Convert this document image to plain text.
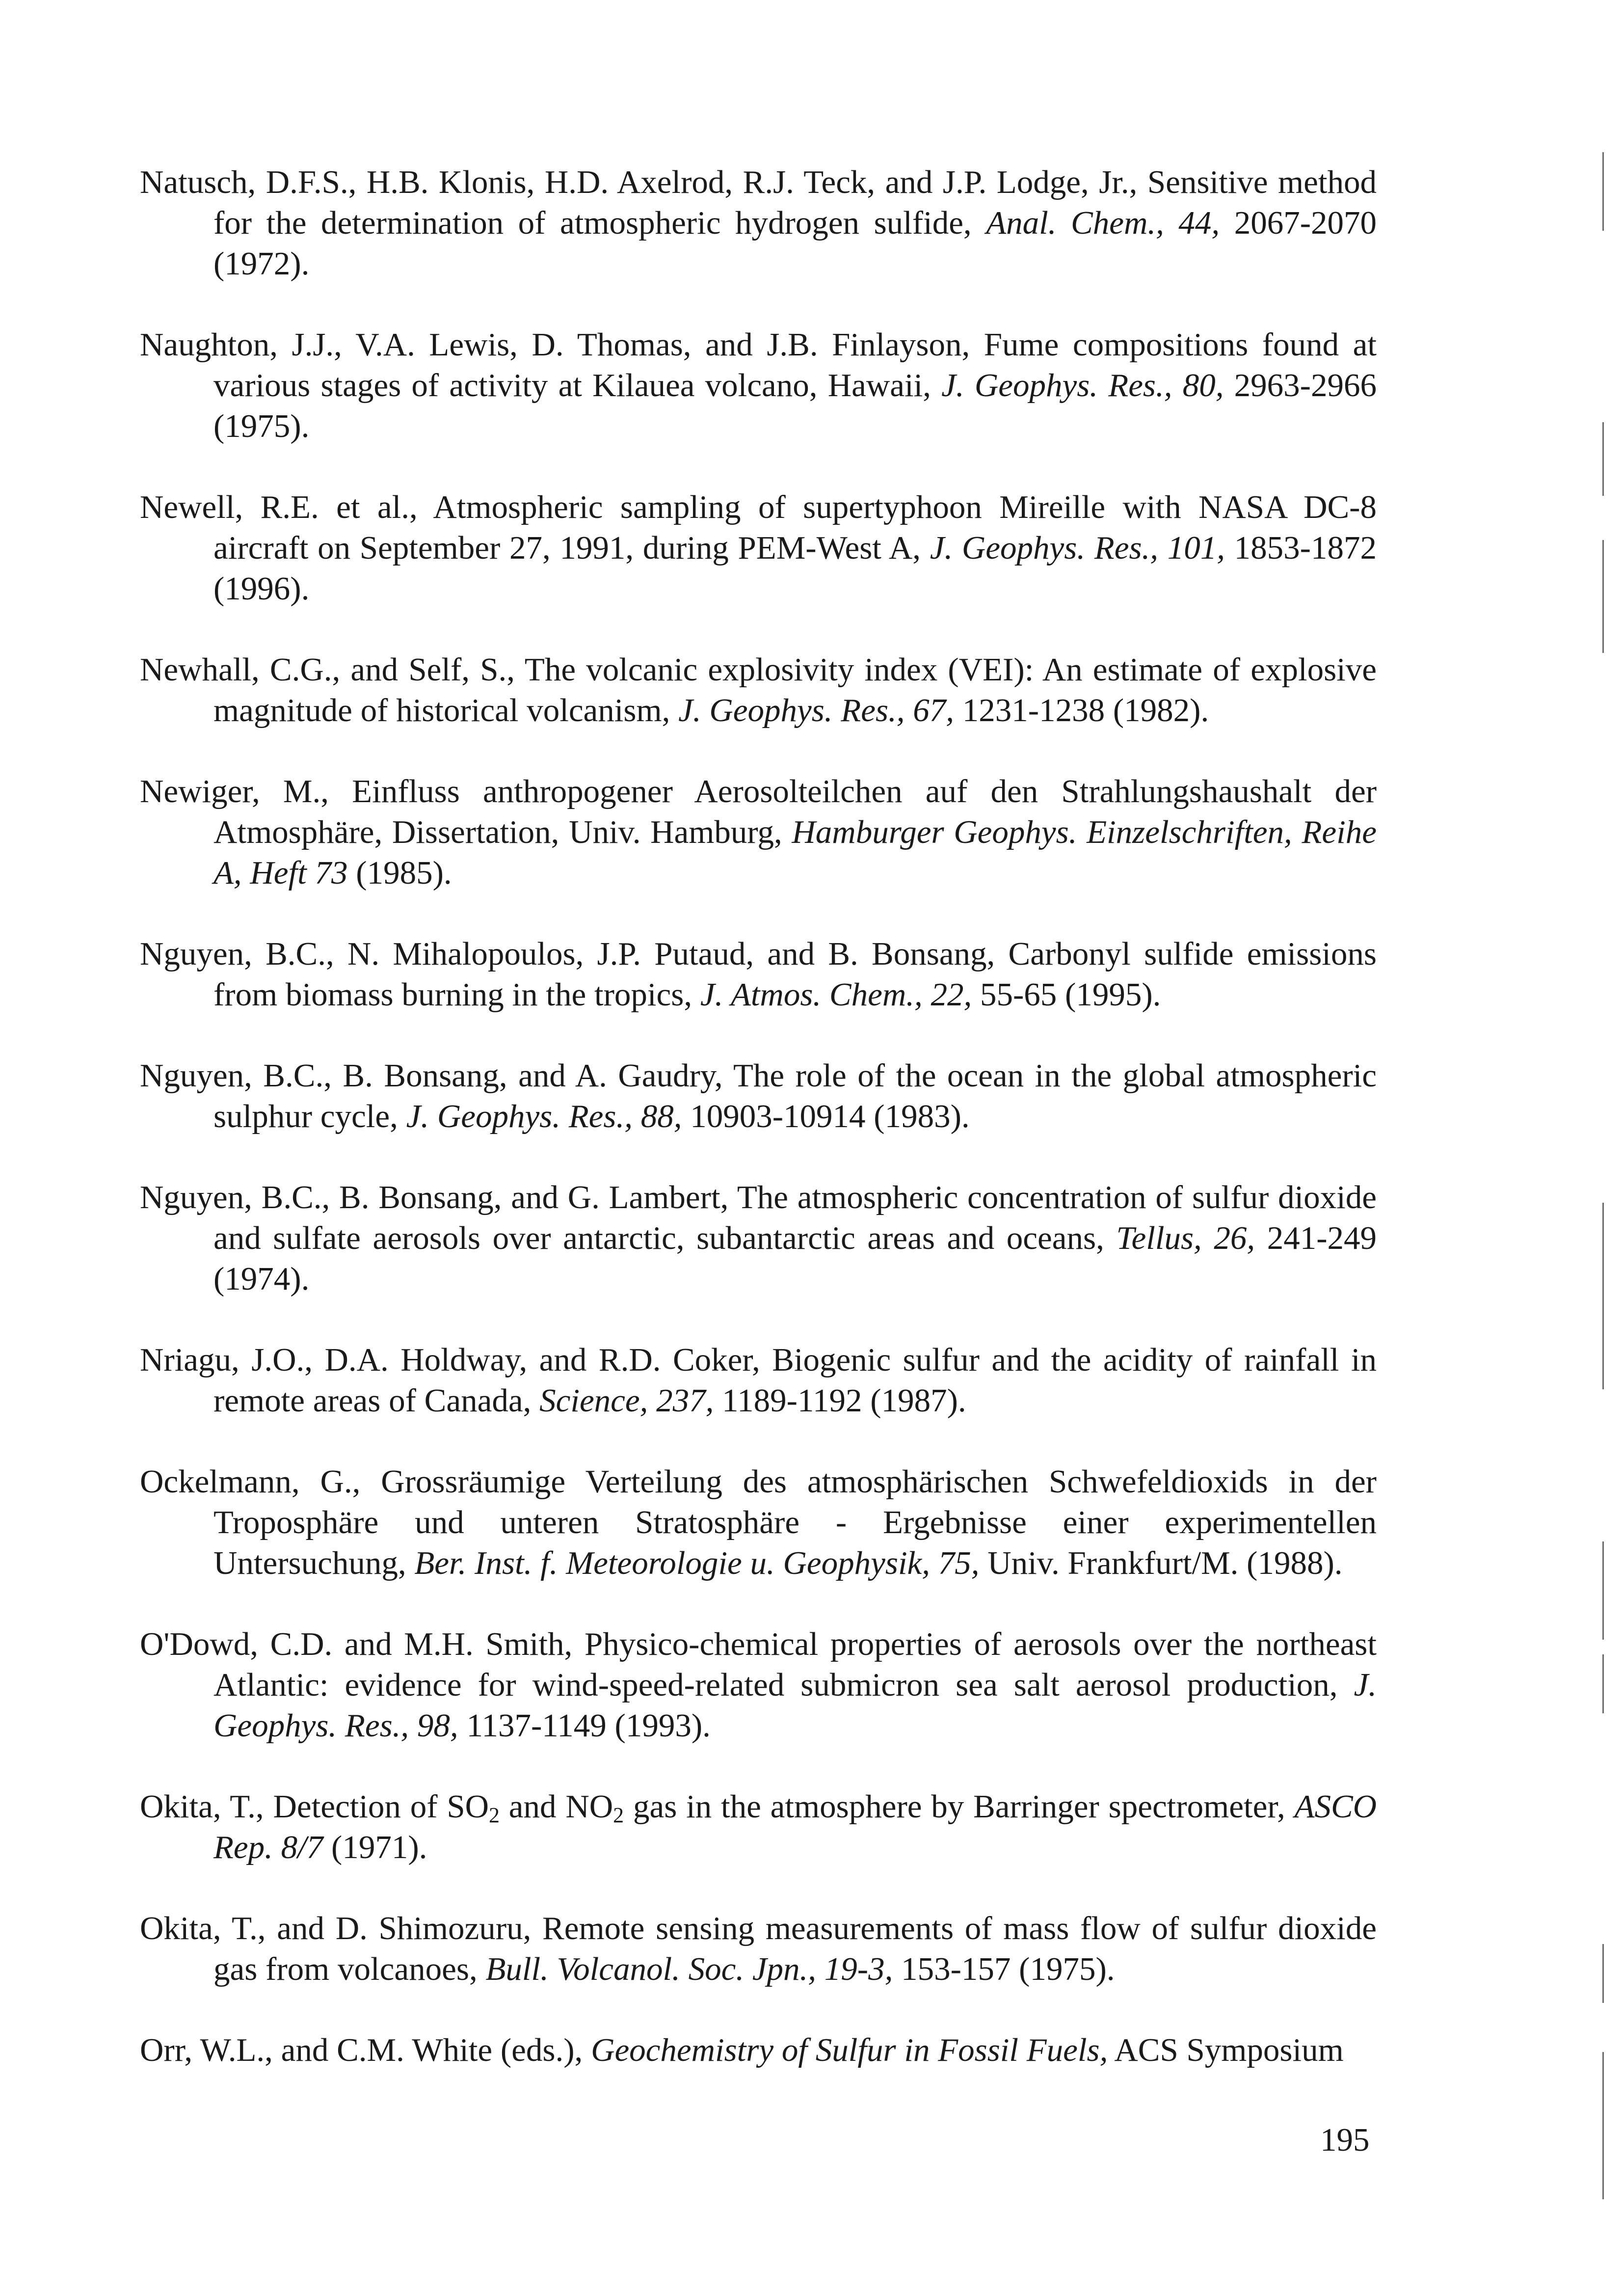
Natusch, D.F.S., H.B. Klonis, H.D. Axelrod, R.J. Teck, and J.P. Lodge, Jr., Sensitive method for the determination of atmospheric hydrogen sulfide, Anal. Chem., 44, 2067-2070 (1972).

Naughton, J.J., V.A. Lewis, D. Thomas, and J.B. Finlayson, Fume compositions found at various stages of activity at Kilauea volcano, Hawaii, J. Geophys. Res., 80, 2963-2966 (1975).

Newell, R.E. et al., Atmospheric sampling of supertyphoon Mireille with NASA DC-8 aircraft on September 27, 1991, during PEM-West A, J. Geophys. Res., 101, 1853-1872 (1996).

Newhall, C.G., and Self, S., The volcanic explosivity index (VEI): An estimate of explosive magnitude of historical volcanism, J. Geophys. Res., 67, 1231-1238 (1982).

Newiger, M., Einfluss anthropogener Aerosolteilchen auf den Strahlungshaushalt der Atmosphäre, Dissertation, Univ. Hamburg, Hamburger Geophys. Einzelschriften, Reihe A, Heft 73 (1985).

Nguyen, B.C., N. Mihalopoulos, J.P. Putaud, and B. Bonsang, Carbonyl sulfide emissions from biomass burning in the tropics, J. Atmos. Chem., 22, 55-65 (1995).

Nguyen, B.C., B. Bonsang, and A. Gaudry, The role of the ocean in the global atmospheric sulphur cycle, J. Geophys. Res., 88, 10903-10914 (1983).

Nguyen, B.C., B. Bonsang, and G. Lambert, The atmospheric concentration of sulfur dioxide and sulfate aerosols over antarctic, subantarctic areas and oceans, Tellus, 26, 241-249 (1974).

Nriagu, J.O., D.A. Holdway, and R.D. Coker, Biogenic sulfur and the acidity of rainfall in remote areas of Canada, Science, 237, 1189-1192 (1987).

Ockelmann, G., Grossräumige Verteilung des atmosphärischen Schwefeldioxids in der Troposphäre und unteren Stratosphäre - Ergebnisse einer experimentellen Untersuchung, Ber. Inst. f. Meteorologie u. Geophysik, 75, Univ. Frankfurt/M. (1988).

O'Dowd, C.D. and M.H. Smith, Physico-chemical properties of aerosols over the northeast Atlantic: evidence for wind-speed-related submicron sea salt aerosol production, J. Geophys. Res., 98, 1137-1149 (1993).

Okita, T., Detection of $SO_2$ and $NO_2$ gas in the atmosphere by Barringer spectrometer, ASCO Rep. 8/7 (1971).

Okita, T., and D. Shimozuru, Remote sensing measurements of mass flow of sulfur dioxide gas from volcanoes, Bull. Volcanol. Soc. Jpn., 19-3, 153-157 (1975).

Orr, W.L., and C.M. White (eds.), Geochemistry of Sulfur in Fossil Fuels, ACS Symposium

195
